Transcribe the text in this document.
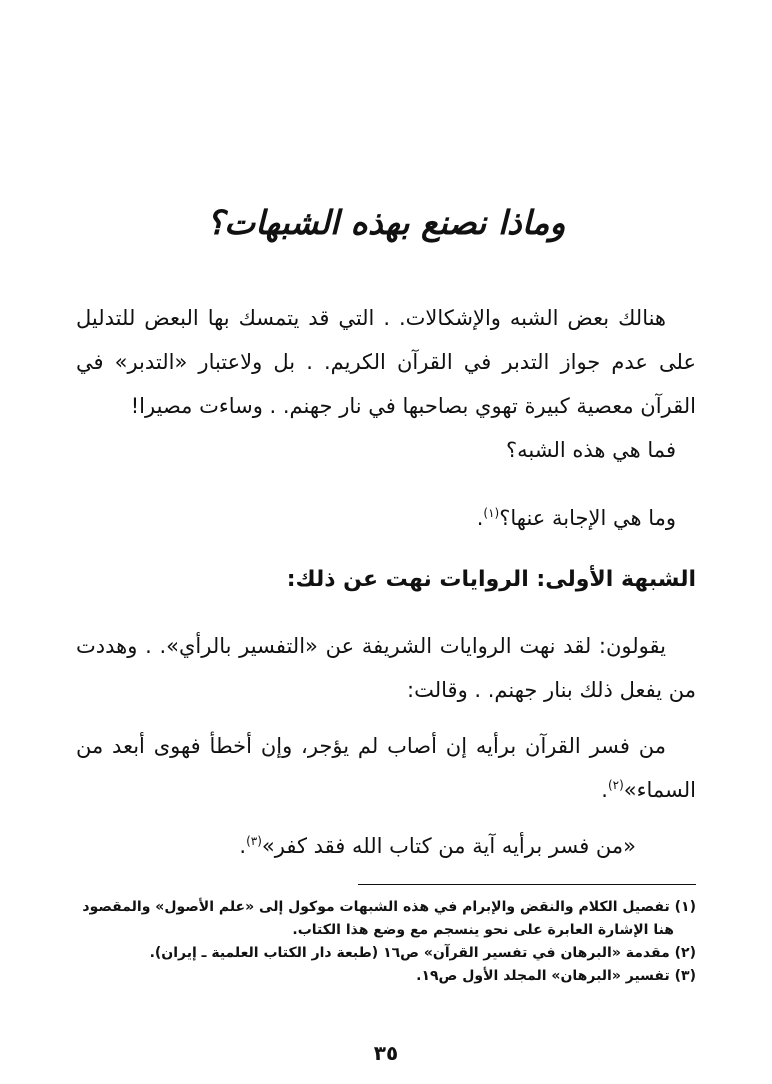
وماذا نصنع بهذه الشبهات؟

هنالك بعض الشبه والإشكالات. . التي قد يتمسك بها البعض للتدليل على عدم جواز التدبر في القرآن الكريم. . بل ولاعتبار «التدبر» في القرآن معصية كبيرة تهوي بصاحبها في نار جهنم. . وساءت مصيرا!

فما هي هذه الشبه؟

وما هي الإجابة عنها؟$^{(١)}$.

الشبهة الأولى: الروايات نهت عن ذلك:

يقولون: لقد نهت الروايات الشريفة عن «التفسير بالرأي». . وهددت من يفعل ذلك بنار جهنم. . وقالت:

من فسر القرآن برأيه إن أصاب لم يؤجر، وإن أخطأ فهوى أبعد من السماء»$^{(٢)}$.

«من فسر برأيه آية من كتاب الله فقد كفر»$^{(٣)}$.

(١) تفصيل الكلام والنقض والإبرام في هذه الشبهات موكول إلى «علم الأصول» والمقصود
هنا الإشارة العابرة على نحو ينسجم مع وضع هذا الكتاب.
(٢) مقدمة «البرهان في تفسير القرآن» ص١٦ (طبعة دار الكتاب العلمية ـ إيران).
(٣) تفسير «البرهان» المجلد الأول ص١٩.
٣٥
